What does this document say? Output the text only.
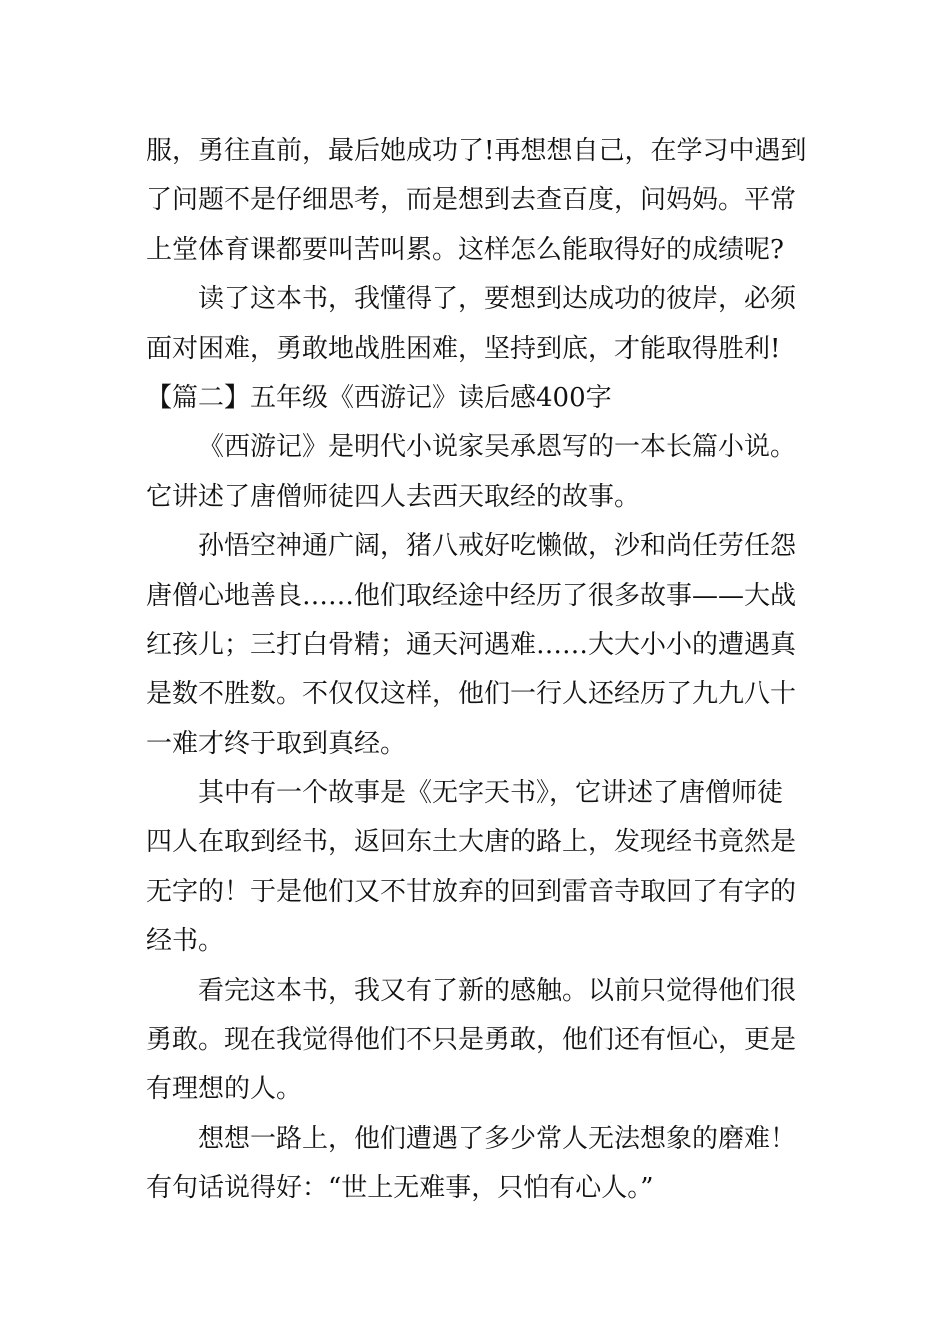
服，勇往直前，最后她成功了!再想想自己，在学习中遇到
了问题不是仔细思考，而是想到去查百度，问妈妈。平常
上堂体育课都要叫苦叫累。这样怎么能取得好的成绩呢?
读了这本书，我懂得了，要想到达成功的彼岸，必须
面对困难，勇敢地战胜困难，坚持到底，才能取得胜利!
【篇二】五年级《西游记》读后感400字
《西游记》是明代小说家吴承恩写的一本长篇小说。
它讲述了唐僧师徒四人去西天取经的故事。
孙悟空神通广阔，猪八戒好吃懒做，沙和尚任劳任怨
唐僧心地善良……他们取经途中经历了很多故事——大战
红孩儿；三打白骨精；通天河遇难……大大小小的遭遇真
是数不胜数。不仅仅这样，他们一行人还经历了九九八十
一难才终于取到真经。
其中有一个故事是《无字天书》，它讲述了唐僧师徒
四人在取到经书，返回东土大唐的路上，发现经书竟然是
无字的！于是他们又不甘放弃的回到雷音寺取回了有字的
经书。
看完这本书，我又有了新的感触。以前只觉得他们很
勇敢。现在我觉得他们不只是勇敢，他们还有恒心，更是
有理想的人。
想想一路上，他们遭遇了多少常人无法想象的磨难！
有句话说得好：“世上无难事，只怕有心人。”
